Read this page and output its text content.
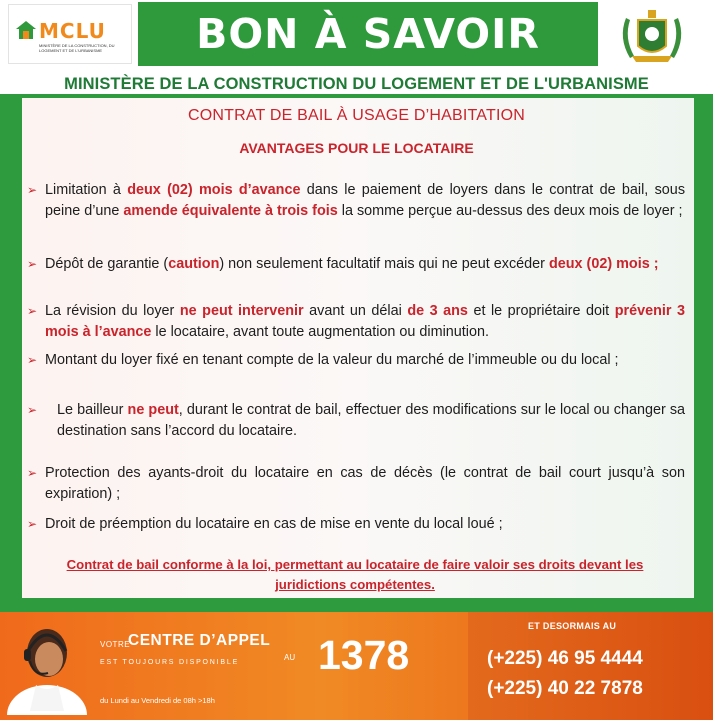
MCLU
MINISTÈRE DE LA CONSTRUCTION, DU LOGEMENT ET DE L'URBANISME	BON À SAVOIR
MINISTÈRE DE LA CONSTRUCTION DU LOGEMENT ET DE L'URBANISME
CONTRAT DE BAIL À USAGE D’HABITATION
AVANTAGES POUR LE LOCATAIRE
➢ Limitation à deux (02) mois d’avance dans le paiement de loyers dans le contrat de bail, sous peine d’une amende équivalente à trois fois la somme perçue au-dessus des deux mois de loyer ;
➢ Dépôt de garantie (caution) non seulement facultatif mais qui ne peut excéder deux (02) mois ;
➢ La révision du loyer ne peut intervenir avant un délai de 3 ans et le propriétaire doit prévenir 3 mois à l’avance le locataire, avant toute augmentation ou diminution.
➢ Montant du loyer fixé en tenant compte de la valeur du marché de l’immeuble ou du local ;
➢ Le bailleur ne peut, durant le contrat de bail, effectuer des modifications sur le local ou changer sa destination sans l’accord du locataire.
➢ Protection des ayants-droit du locataire en cas de décès (le contrat de bail court jusqu’à son expiration) ;
➢ Droit de préemption du locataire en cas de mise en vente du local loué ;
Contrat de bail conforme à la loi, permettant au locataire de faire valoir ses droits devant les juridictions compétentes.
VOTRE
CENTRE D’APPEL
EST TOUJOURS DISPONIBLE
AU 1378
du Lundi au Vendredi de 08h >18h
ET DESORMAIS AU
(+225) 46 95 4444
(+225) 40 22 7878
